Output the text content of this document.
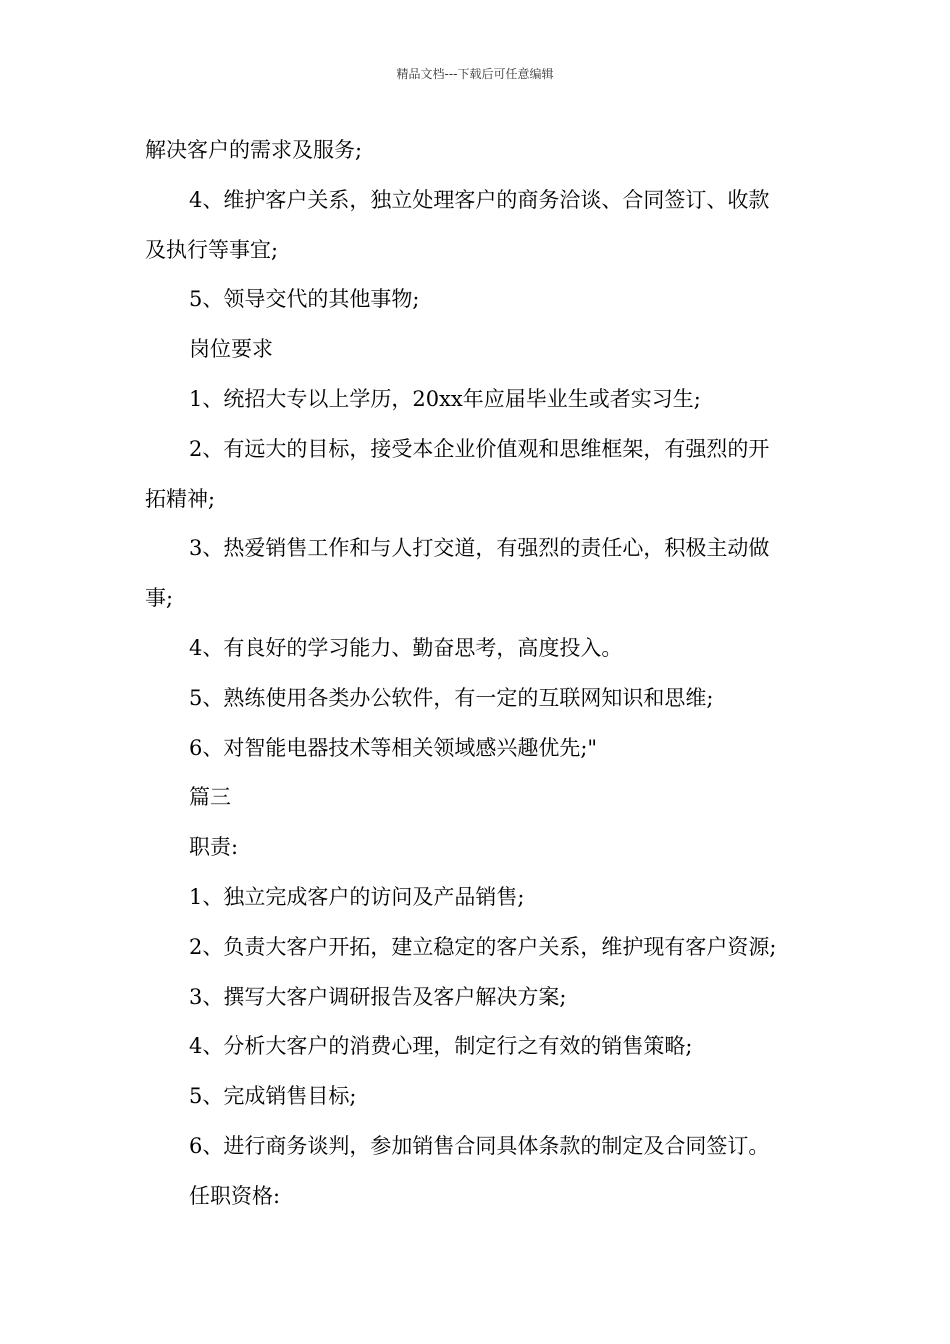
精品文档---下载后可任意编辑

解决客户的需求及服务;

4、维护客户关系，独立处理客户的商务洽谈、合同签订、收款

及执行等事宜;

5、领导交代的其他事物;

岗位要求

1、统招大专以上学历，20xx年应届毕业生或者实习生;

2、有远大的目标，接受本企业价值观和思维框架，有强烈的开

拓精神;

3、热爱销售工作和与人打交道，有强烈的责任心，积极主动做

事;

4、有良好的学习能力、勤奋思考，高度投入。

5、熟练使用各类办公软件，有一定的互联网知识和思维;

6、对智能电器技术等相关领域感兴趣优先;"

篇三

职责:

1、独立完成客户的访问及产品销售;

2、负责大客户开拓，建立稳定的客户关系，维护现有客户资源;

3、撰写大客户调研报告及客户解决方案;

4、分析大客户的消费心理，制定行之有效的销售策略;

5、完成销售目标;

6、进行商务谈判，参加销售合同具体条款的制定及合同签订。

任职资格:
